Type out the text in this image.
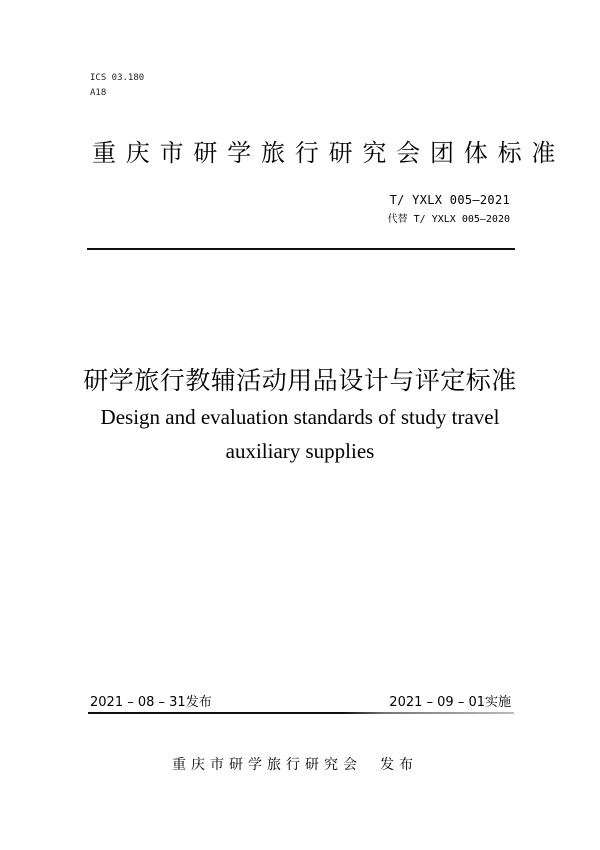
ICS 03.180
A18
重庆市研学旅行研究会团体标准
T/ YXLX 005—2021
代替 T/ YXLX 005—2020
研学旅行教辅活动用品设计与评定标准
Design and evaluation standards of study travel
auxiliary supplies
2021 – 08 – 31发布	2021 – 09 – 01实施
重庆市研学旅行研究会 发布
